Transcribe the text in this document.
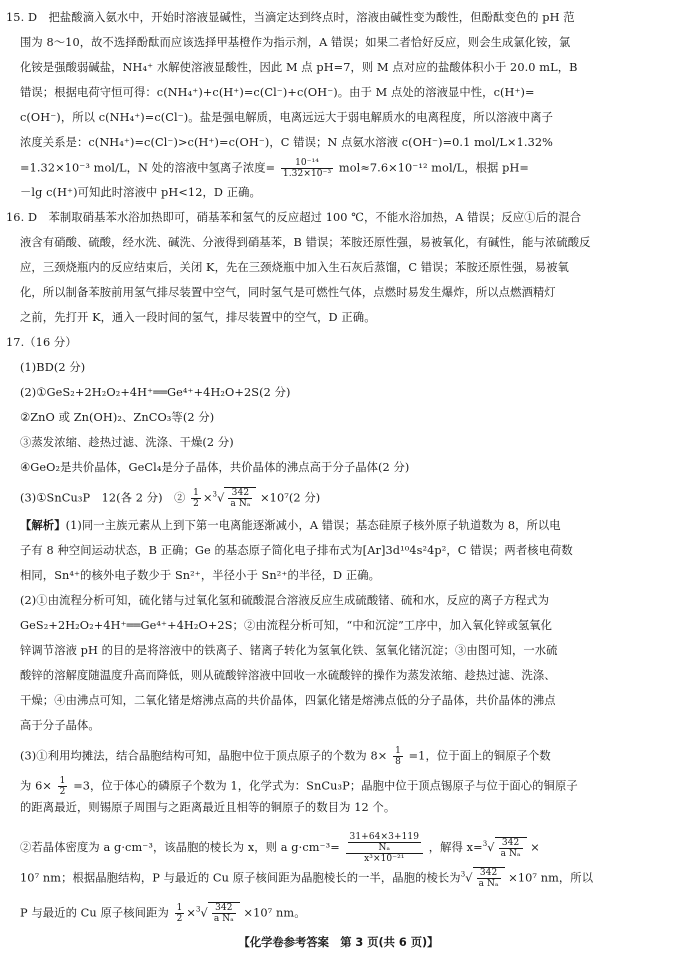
15. D　把盐酸滴入氨水中，开始时溶液显碱性，当滴定达到终点时，溶液由碱性变为酸性，但酚酞变色的 pH 范
围为 8～10，故不选择酚酞而应该选择甲基橙作为指示剂，A 错误；如果二者恰好反应，则会生成氯化铵，氯
化铵是强酸弱碱盐，NH₄⁺ 水解使溶液显酸性，因此 M 点 pH=7，则 M 点对应的盐酸体积小于 20.0 mL，B
错误；根据电荷守恒可得：c(NH₄⁺)+c(H⁺)=c(Cl⁻)+c(OH⁻)。由于 M 点处的溶液显中性，c(H⁺)=
c(OH⁻)，所以 c(NH₄⁺)=c(Cl⁻)。盐是强电解质，电离远远大于弱电解质水的电离程度，所以溶液中离子
浓度关系是：c(NH₄⁺)=c(Cl⁻)>c(H⁺)=c(OH⁻)，C 错误；N 点氨水溶液 c(OH⁻)=0.1 mol/L×1.32%
=1.32×10⁻³ mol/L，N 处的溶液中氢离子浓度= $\frac{\text{10⁻¹⁴}}{\text{1.32×10⁻³}} mol\approx 7.6\times 10^{-12}$ mol/L，根据 pH=
－lg c(H⁺)可知此时溶液中 pH<12，D 正确。
16. D　苯制取硝基苯水浴加热即可，硝基苯和氢气的反应超过 100 ℃，不能水浴加热，A 错误；反应①后的混合
液含有硝酸、硫酸，经水洗、碱洗、分液得到硝基苯，B 错误；苯胺还原性强，易被氧化，有碱性，能与浓硫酸反
应，三颈烧瓶内的反应结束后，关闭 K，先在三颈烧瓶中加入生石灰后蒸馏，C 错误；苯胺还原性强，易被氧
化，所以制备苯胺前用氢气排尽装置中空气，同时氢气是可燃性气体，点燃时易发生爆炸，所以点燃酒精灯
之前，先打开 K，通入一段时间的氢气，排尽装置中的空气，D 正确。
17.（16 分）
(1)BD(2 分)
(2)①GeS₂+2H₂O₂+4H⁺══Ge⁴⁺+4H₂O+2S(2 分)
②ZnO 或 Zn(OH)₂、ZnCO₃等(2 分)
③蒸发浓缩、趁热过滤、洗涤、干燥(2 分)
④GeO₂是共价晶体，GeCl₄是分子晶体，共价晶体的沸点高于分子晶体(2 分)
(3)①SnCu₃P　12(各 2 分)　② $\frac{1}{2} \times^3√ \frac{342}{\text{a Nₐ}} \times 10^7(2$ 分)
【解析】(1)同一主族元素从上到下第一电离能逐渐减小，A 错误；基态硅原子核外原子轨道数为 8，所以电
子有 8 种空间运动状态，B 正确；Ge 的基态原子简化电子排布式为[Ar]3d¹⁰4s²4p²，C 错误；两者核电荷数
相同，Sn⁴⁺的核外电子数少于 Sn²⁺，半径小于 Sn²⁺的半径，D 正确。
(2)①由流程分析可知，硫化锗与过氧化氢和硫酸混合溶液反应生成硫酸锗、硫和水，反应的离子方程式为
GeS₂+2H₂O₂+4H⁺══Ge⁴⁺+4H₂O+2S；②由流程分析可知，“中和沉淀”工序中，加入氧化锌或氢氧化
锌调节溶液 pH 的目的是将溶液中的铁离子、锗离子转化为氢氧化铁、氢氧化锗沉淀；③由图可知，一水硫
酸锌的溶解度随温度升高而降低，则从硫酸锌溶液中回收一水硫酸锌的操作为蒸发浓缩、趁热过滤、洗涤、
干燥；④由沸点可知，二氧化锗是熔沸点高的共价晶体，四氯化锗是熔沸点低的分子晶体，共价晶体的沸点
高于分子晶体。
(3)①利用均摊法，结合晶胞结构可知，晶胞中位于顶点原子的个数为 $8\times \frac{1}{8} =1$，位于面上的铜原子个数
为 $6\times \frac{1}{2} =3$，位于体心的磷原子个数为 1，化学式为：SnCu₃P；晶胞中位于顶点锡原子与位于面心的铜原子
的距离最近，则锡原子周围与之距离最近且相等的铜原子的数目为 12 个。
②若晶体密度为 a g·cm⁻³，该晶胞的棱长为 x，则 a $g\cdot cm^{-3}= \frac{\frac{31+64\times 3+119}{\text{Nₐ}}}{\text{x³×10⁻²¹}}$ ，解得 $x=^3√ \frac{342}{\text{a Nₐ}}$ ×
10⁷ nm；根据晶胞结构，P 与最近的 Cu 原子核间距为晶胞棱长的一半，晶胞的棱长为$^3√ \frac{342}{\text{a Nₐ}} \times 10^7$ nm，所以
P 与最近的 Cu 原子核间距为 $\frac{1}{2} \times^3√ \frac{342}{\text{a Nₐ}} \times 10^7$ nm。
【化学卷参考答案　第 3 页(共 6 页)】
